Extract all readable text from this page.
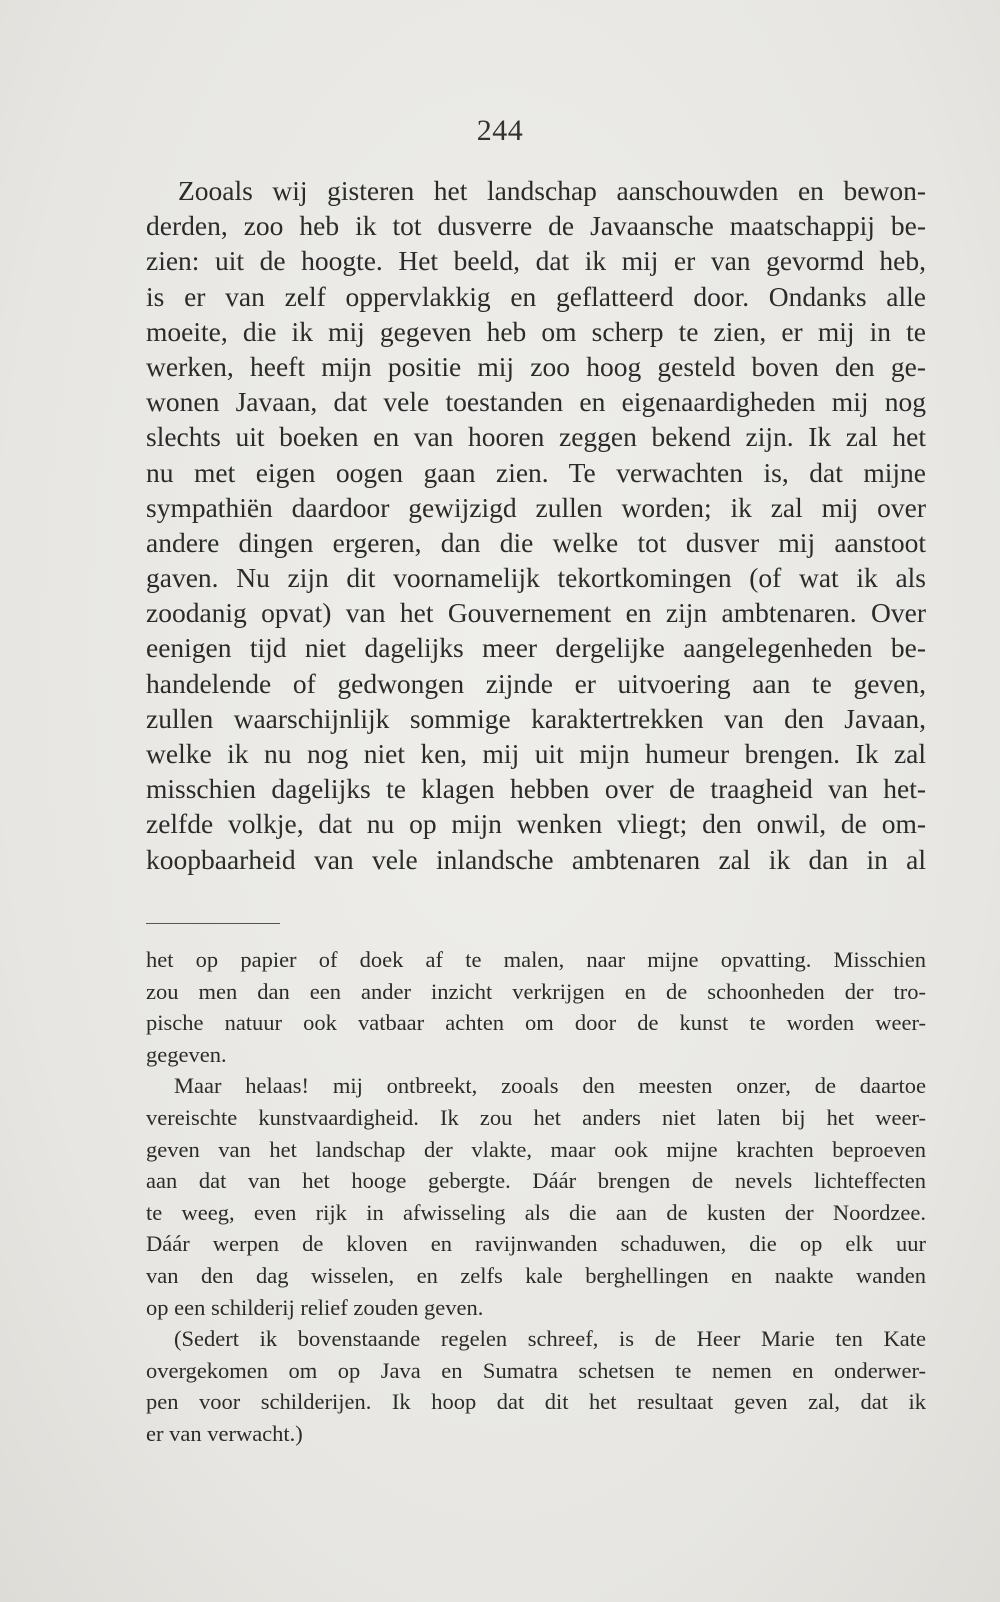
244
Zooals wij gisteren het landschap aanschouwden en bewon-
derden, zoo heb ik tot dusverre de Javaansche maatschappij be-
zien: uit de hoogte. Het beeld, dat ik mij er van gevormd heb,
is er van zelf oppervlakkig en geflatteerd door. Ondanks alle
moeite, die ik mij gegeven heb om scherp te zien, er mij in te
werken, heeft mijn positie mij zoo hoog gesteld boven den ge-
wonen Javaan, dat vele toestanden en eigenaardigheden mij nog
slechts uit boeken en van hooren zeggen bekend zijn. Ik zal het
nu met eigen oogen gaan zien. Te verwachten is, dat mijne
sympathiën daardoor gewijzigd zullen worden; ik zal mij over
andere dingen ergeren, dan die welke tot dusver mij aanstoot
gaven. Nu zijn dit voornamelijk tekortkomingen (of wat ik als
zoodanig opvat) van het Gouvernement en zijn ambtenaren. Over
eenigen tijd niet dagelijks meer dergelijke aangelegenheden be-
handelende of gedwongen zijnde er uitvoering aan te geven,
zullen waarschijnlijk sommige karaktertrekken van den Javaan,
welke ik nu nog niet ken, mij uit mijn humeur brengen. Ik zal
misschien dagelijks te klagen hebben over de traagheid van het-
zelfde volkje, dat nu op mijn wenken vliegt; den onwil, de om-
koopbaarheid van vele inlandsche ambtenaren zal ik dan in al
het op papier of doek af te malen, naar mijne opvatting. Misschien
zou men dan een ander inzicht verkrijgen en de schoonheden der tro-
pische natuur ook vatbaar achten om door de kunst te worden weer-
gegeven.
Maar helaas! mij ontbreekt, zooals den meesten onzer, de daartoe
vereischte kunstvaardigheid. Ik zou het anders niet laten bij het weer-
geven van het landschap der vlakte, maar ook mijne krachten beproeven
aan dat van het hooge gebergte. Dáár brengen de nevels lichteffecten
te weeg, even rijk in afwisseling als die aan de kusten der Noordzee.
Dáár werpen de kloven en ravijnwanden schaduwen, die op elk uur
van den dag wisselen, en zelfs kale berghellingen en naakte wanden
op een schilderij relief zouden geven.
(Sedert ik bovenstaande regelen schreef, is de Heer Marie ten Kate
overgekomen om op Java en Sumatra schetsen te nemen en onderwer-
pen voor schilderijen. Ik hoop dat dit het resultaat geven zal, dat ik
er van verwacht.)
